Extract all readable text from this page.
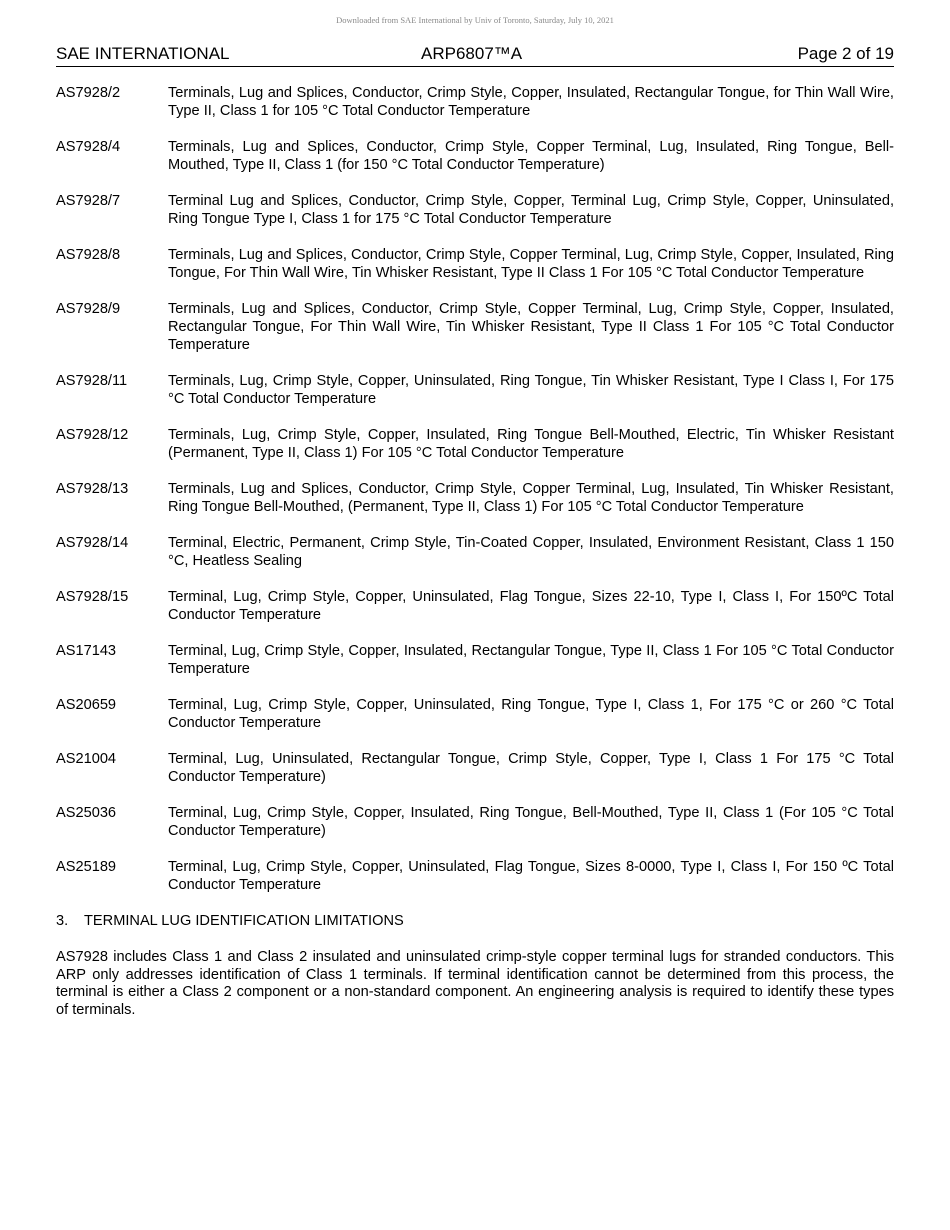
Downloaded from SAE International by Univ of Toronto, Saturday, July 10, 2021
SAE INTERNATIONAL	ARP6807™A	Page 2 of 19
AS7928/2	Terminals, Lug and Splices, Conductor, Crimp Style, Copper, Insulated, Rectangular Tongue, for Thin Wall Wire, Type II, Class 1 for 105 °C Total Conductor Temperature
AS7928/4	Terminals, Lug and Splices, Conductor, Crimp Style, Copper Terminal, Lug, Insulated, Ring Tongue, Bell-Mouthed, Type II, Class 1 (for 150 °C Total Conductor Temperature)
AS7928/7	Terminal Lug and Splices, Conductor, Crimp Style, Copper, Terminal Lug, Crimp Style, Copper, Uninsulated, Ring Tongue Type I, Class 1 for 175 °C Total Conductor Temperature
AS7928/8	Terminals, Lug and Splices, Conductor, Crimp Style, Copper Terminal, Lug, Crimp Style, Copper, Insulated, Ring Tongue, For Thin Wall Wire, Tin Whisker Resistant, Type II Class 1 For 105 °C Total Conductor Temperature
AS7928/9	Terminals, Lug and Splices, Conductor, Crimp Style, Copper Terminal, Lug, Crimp Style, Copper, Insulated, Rectangular Tongue, For Thin Wall Wire, Tin Whisker Resistant, Type II Class 1 For 105 °C Total Conductor Temperature
AS7928/11	Terminals, Lug, Crimp Style, Copper, Uninsulated, Ring Tongue, Tin Whisker Resistant, Type I Class I, For 175 °C Total Conductor Temperature
AS7928/12	Terminals, Lug, Crimp Style, Copper, Insulated, Ring Tongue Bell-Mouthed, Electric, Tin Whisker Resistant (Permanent, Type II, Class 1) For 105 °C Total Conductor Temperature
AS7928/13	Terminals, Lug and Splices, Conductor, Crimp Style, Copper Terminal, Lug, Insulated, Tin Whisker Resistant, Ring Tongue Bell-Mouthed, (Permanent, Type II, Class 1) For 105 °C Total Conductor Temperature
AS7928/14	Terminal, Electric, Permanent, Crimp Style, Tin-Coated Copper, Insulated, Environment Resistant, Class 1 150 °C, Heatless Sealing
AS7928/15	Terminal, Lug, Crimp Style, Copper, Uninsulated, Flag Tongue, Sizes 22-10, Type I, Class I, For 150ºC Total Conductor Temperature
AS17143	Terminal, Lug, Crimp Style, Copper, Insulated, Rectangular Tongue, Type II, Class 1 For 105 °C Total Conductor Temperature
AS20659	Terminal, Lug, Crimp Style, Copper, Uninsulated, Ring Tongue, Type I, Class 1, For 175 °C or 260 °C Total Conductor Temperature
AS21004	Terminal, Lug, Uninsulated, Rectangular Tongue, Crimp Style, Copper, Type I, Class 1 For 175 °C Total Conductor Temperature)
AS25036	Terminal, Lug, Crimp Style, Copper, Insulated, Ring Tongue, Bell-Mouthed, Type II, Class 1 (For 105 °C Total Conductor Temperature)
AS25189	Terminal, Lug, Crimp Style, Copper, Uninsulated, Flag Tongue, Sizes 8-0000, Type I, Class I, For 150 ºC Total Conductor Temperature
3. TERMINAL LUG IDENTIFICATION LIMITATIONS

AS7928 includes Class 1 and Class 2 insulated and uninsulated crimp-style copper terminal lugs for stranded conductors. This ARP only addresses identification of Class 1 terminals. If terminal identification cannot be determined from this process, the terminal is either a Class 2 component or a non-standard component. An engineering analysis is required to identify these types of terminals.
